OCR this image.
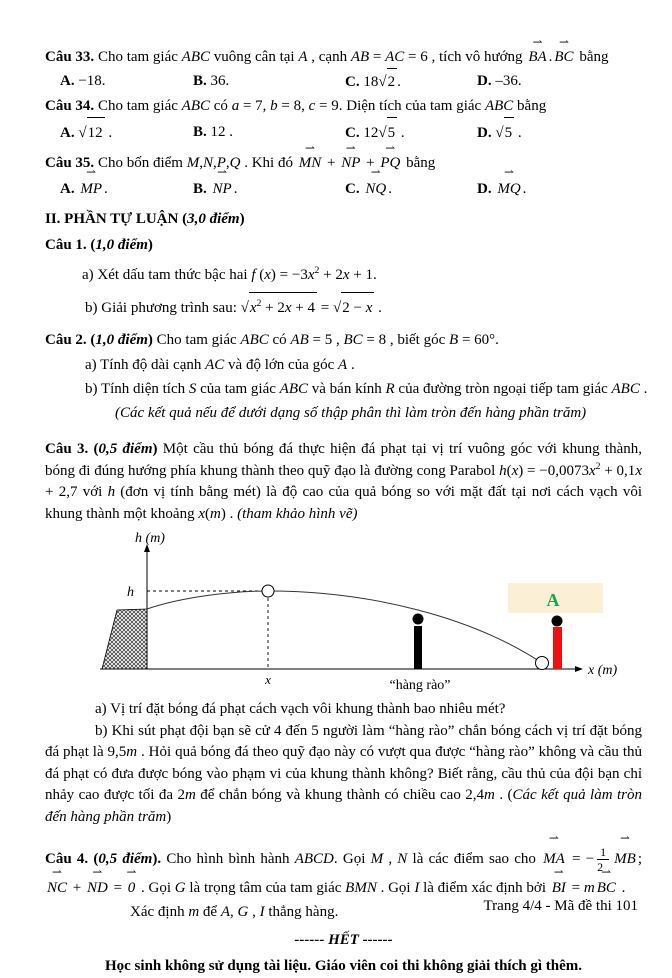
Câu 33. Cho tam giác ABC vuông cân tại A , cạnh AB = AC = 6 , tích vô hướng BA ⇀ . BC ⇀ bằng

A. −18.	B. 36.	C. 18√2 .	D. –36.

Câu 34. Cho tam giác ABC có a = 7, b = 8, c = 9. Diện tích của tam giác ABC bằng

A. √12 .	B. 12 .	C. 12√5 .	D. √5 .

Câu 35. Cho bốn điểm M,N,P,Q . Khi đó MN ⇀ + NP ⇀ + PQ ⇀ bằng

A. MP ⇀ .	B. NP ⇀ .	C. NQ ⇀ .	D. MQ ⇀ .

II. PHẦN TỰ LUẬN (3,0 điểm)

Câu 1. (1,0 điểm)

a) Xét dấu tam thức bậc hai f $(x) = -3x^2 + 2x + 1$.

b) Giải phương trình sau: $√x^2 + 2x + 4 = √2 - x$ .

Câu 2. (1,0 điểm) Cho tam giác ABC có AB = 5 , BC = 8 , biết góc B = 60°.

a) Tính độ dài cạnh AC và độ lớn của góc A .

b) Tính diện tích S của tam giác ABC và bán kính R của đường tròn ngoại tiếp tam giác ABC .

(Các kết quả nếu để dưới dạng số thập phân thì làm tròn đến hàng phần trăm)

Câu 3. (0,5 điểm) Một cầu thủ bóng đá thực hiện đá phạt tại vị trí vuông góc với khung thành, bóng đi đúng hướng phía khung thành theo quỹ đạo là đường cong Parabol $h(x) = -0,0073x^2 + 0,1x + 2,7$ với h (đơn vị tính bằng mét) là độ cao của quả bóng so với mặt đất tại nơi cách vạch vôi khung thành một khoảng x(m) . (tham khảo hình vẽ)

A
h (m)
h
x
x (m)
“hàng rào”

a) Vị trí đặt bóng đá phạt cách vạch vôi khung thành bao nhiêu mét?

b) Khi sút phạt đội bạn sẽ cử 4 đến 5 người làm “hàng rào” chắn bóng cách vị trí đặt bóng đá phạt là 9,5m . Hỏi quả bóng đá theo quỹ đạo này có vượt qua được “hàng rào” không và cầu thủ đá phạt có đưa được bóng vào phạm vi của khung thành không? Biết rằng, cầu thủ của đội bạn chỉ nhảy cao được tối đa 2m để chắn bóng và khung thành có chiều cao 2,4m . (Các kết quả làm tròn đến hàng phần trăm)

Câu 4. (0,5 điểm). Cho hình bình hành ABCD. Gọi M , N là các điểm sao cho MA ⇀ = − $\frac{1}{2}$ MB ⇀ ;

NC ⇀ + ND ⇀ = 0 ⇀ . Gọi G là trọng tâm của tam giác BMN . Gọi I là điểm xác định bởi BI ⇀ = m BC ⇀ .

Xác định m để A, G , I thẳng hàng.

------ HẾT ------

Học sinh không sử dụng tài liệu. Giáo viên coi thi không giải thích gì thêm.

Trang 4/4 - Mã đề thi 101
